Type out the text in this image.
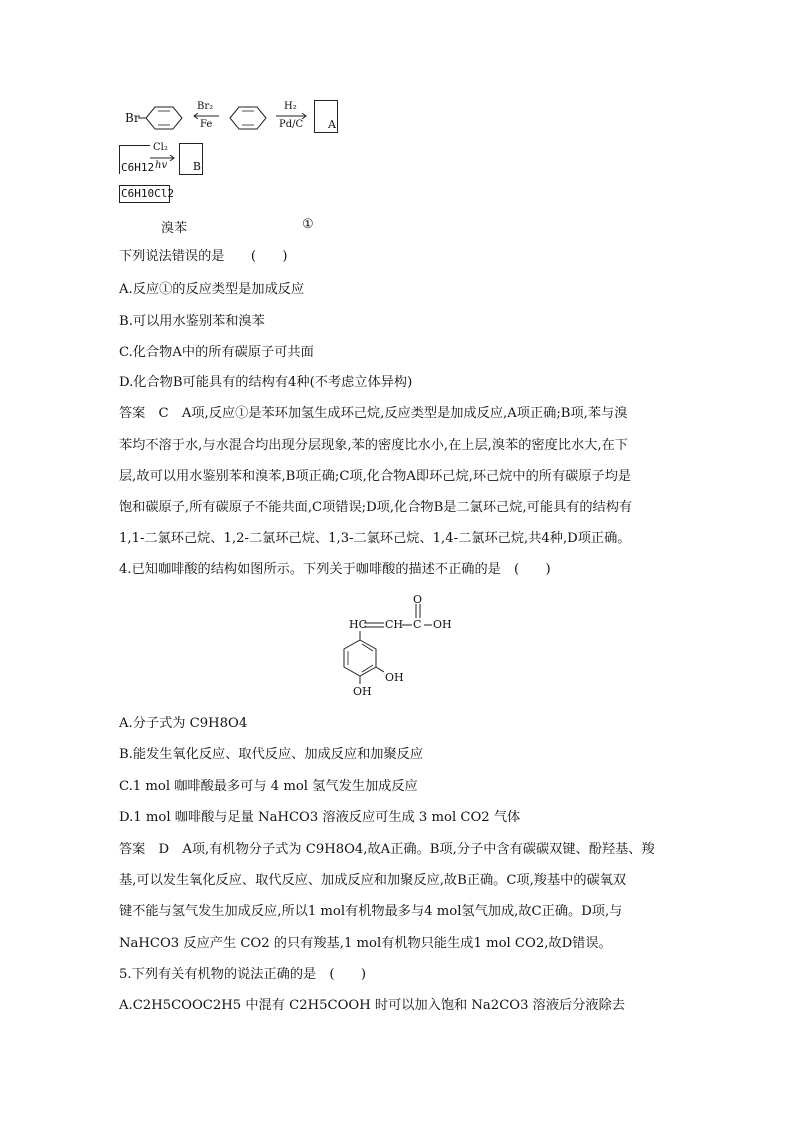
Br
Br₂
Fe
H₂
Pd/C A
C6H12
Cl₂
hv B
C6H10Cl2
溴苯	①
下列说法错误的是　　(　　)
A.反应①的反应类型是加成反应
B.可以用水鉴别苯和溴苯
C.化合物A中的所有碳原子可共面
D.化合物B可能具有的结构有4种(不考虑立体异构)
答案　C　A项,反应①是苯环加氢生成环己烷,反应类型是加成反应,A项正确;B项,苯与溴
苯均不溶于水,与水混合均出现分层现象,苯的密度比水小,在上层,溴苯的密度比水大,在下
层,故可以用水鉴别苯和溴苯,B项正确;C项,化合物A即环己烷,环己烷中的所有碳原子均是
饱和碳原子,所有碳原子不能共面,C项错误;D项,化合物B是二氯环己烷,可能具有的结构有
1,1-二氯环己烷、1,2-二氯环己烷、1,3-二氯环己烷、1,4-二氯环己烷,共4种,D项正确。
4.已知咖啡酸的结构如图所示。下列关于咖啡酸的描述不正确的是　(　　)
HC CH C
O
OH
OH
OH
A.分子式为 C9H8O4
B.能发生氧化反应、取代反应、加成反应和加聚反应
C.1 mol 咖啡酸最多可与 4 mol 氢气发生加成反应
D.1 mol 咖啡酸与足量 NaHCO3 溶液反应可生成 3 mol CO2 气体
答案　D　A项,有机物分子式为 C9H8O4,故A正确。B项,分子中含有碳碳双键、酚羟基、羧
基,可以发生氧化反应、取代反应、加成反应和加聚反应,故B正确。C项,羧基中的碳氧双
键不能与氢气发生加成反应,所以1 mol有机物最多与4 mol氢气加成,故C正确。D项,与
NaHCO3 反应产生 CO2 的只有羧基,1 mol有机物只能生成1 mol CO2,故D错误。
5.下列有关有机物的说法正确的是　(　　)
A.C2H5COOC2H5 中混有 C2H5COOH 时可以加入饱和 Na2CO3 溶液后分液除去
